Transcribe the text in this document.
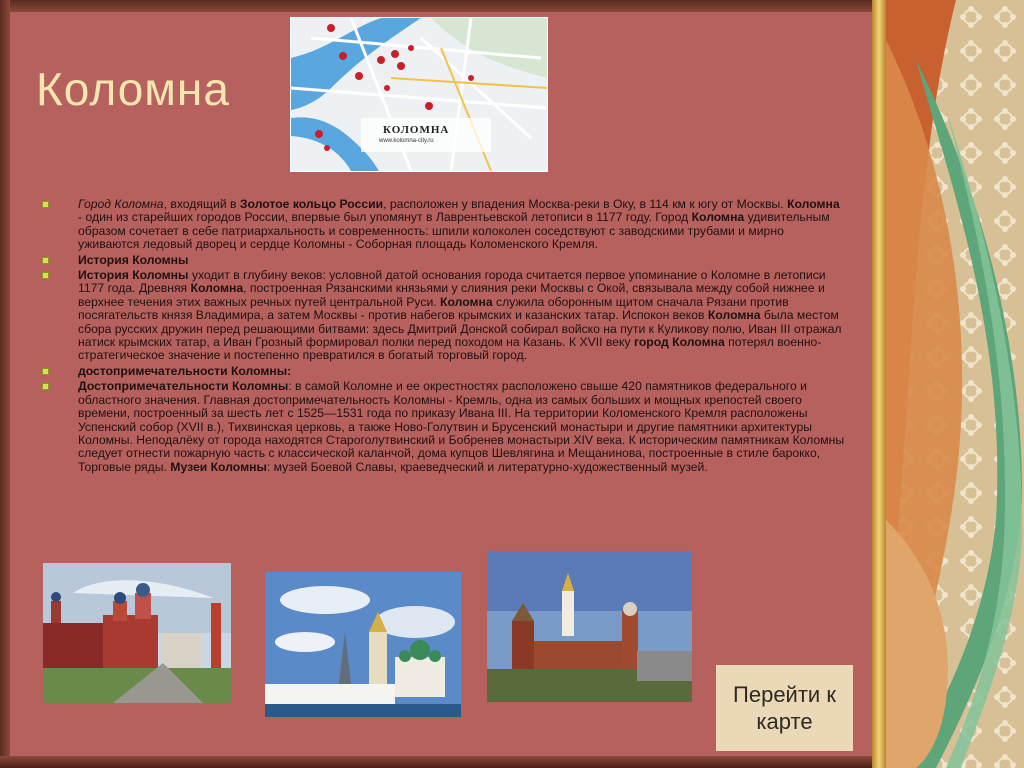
Коломна
КОЛОМНА
www.kolomna-city.ru
Город Коломна, входящий в Золотое кольцо России, расположен у впадения Москва-реки в Оку, в 114 км к югу от Москвы. Коломна - один из старейших городов России, впервые был упомянут в Лаврентьевской летописи в 1177 году. Город Коломна удивительным образом сочетает в себе патриархальность и современность: шпили колоколен соседствуют с заводскими трубами и мирно уживаются ледовый дворец и сердце Коломны - Соборная площадь Коломенского Кремля.
История Коломны
История Коломны уходит в глубину веков: условной датой основания города считается первое упоминание о Коломне в летописи 1177 года. Древняя Коломна, построенная Рязанскими князьями у слияния реки Москвы с Окой, связывала между собой нижнее и верхнее течения этих важных речных путей центральной Руси. Коломна служила оборонным щитом сначала Рязани против посягательств князя Владимира, а затем Москвы - против набегов крымских и казанских татар. Испокон веков Коломна была местом сбора русских дружин перед решающими битвами: здесь Дмитрий Донской собирал войско на пути к Куликову полю, Иван III отражал натиск крымских татар, а Иван Грозный формировал полки перед походом на Казань. К XVII веку город Коломна потерял военно-стратегическое значение и постепенно превратился в богатый торговый город.
достопримечательности Коломны:
Достопримечательности Коломны: в самой Коломне и ее окрестностях расположено свыше 420 памятников федерального и областного значения. Главная достопримечательность Коломны - Кремль, одна из самых больших и мощных крепостей своего времени, построенный за шесть лет с 1525—1531 года по приказу Ивана III. На территории Коломенского Кремля расположены Успенский собор (XVII в.), Тихвинская церковь, а также Ново-Голутвин и Брусенский монастыри и другие памятники архитектуры Коломны. Неподалёку от города находятся Староголутвинский и Бобренев монастыри XIV века. К историческим памятникам Коломны следует отнести пожарную часть с классической каланчой, дома купцов Шевлягина и Мещанинова, построенные в стиле барокко, Торговые ряды. Музеи Коломны: музей Боевой Славы, краеведческий и литературно-художественный музей.
Перейти к карте
